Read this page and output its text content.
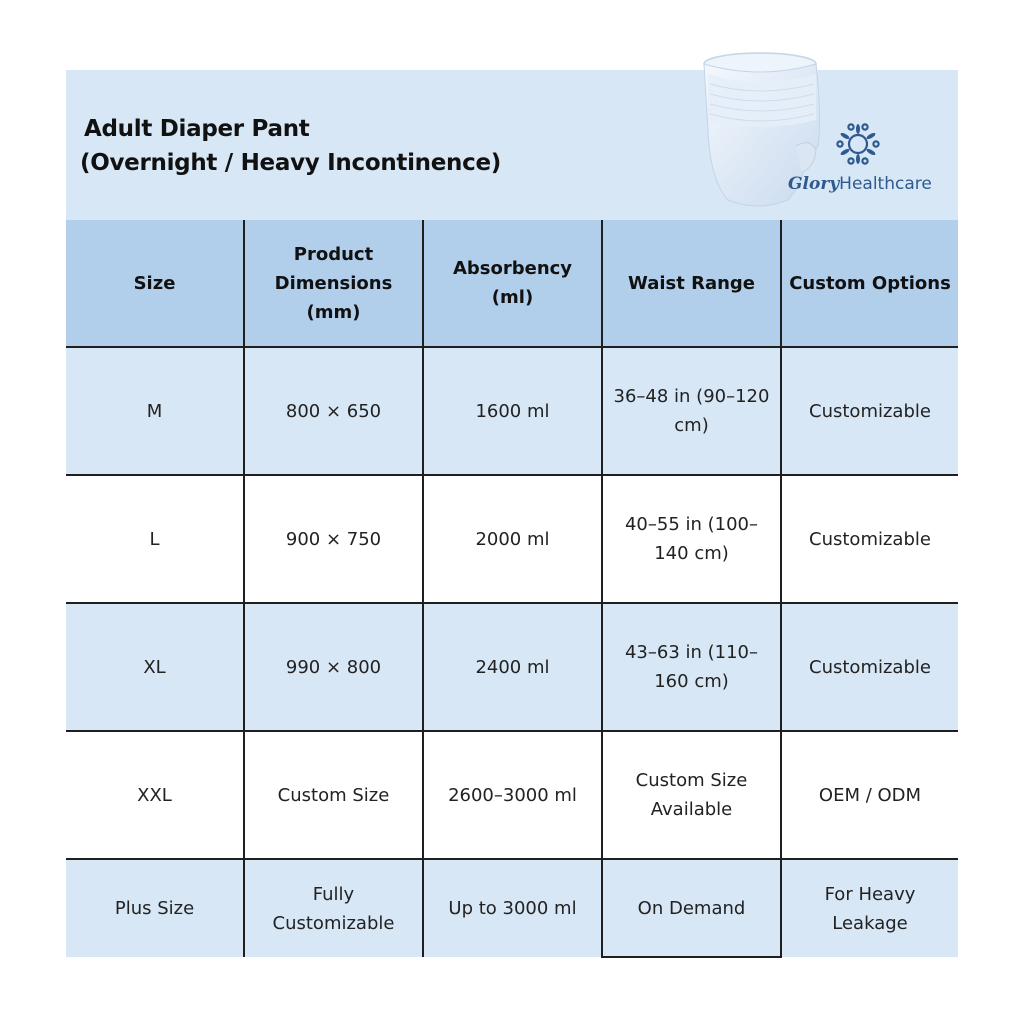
Adult Diaper Pant
(Overnight / Heavy Incontinence)
GloryHealthcare
Size	Product Dimensions (mm)	Absorbency (ml)	Waist Range	Custom Options
M	800 × 650	1600 ml	36–48 in (90–120 cm)	Customizable
L	900 × 750	2000 ml	40–55 in (100–140 cm)	Customizable
XL	990 × 800	2400 ml	43–63 in (110–160 cm)	Customizable
XXL	Custom Size	2600–3000 ml	Custom Size Available	OEM / ODM
Plus Size	Fully Customizable	Up to 3000 ml	On Demand	For Heavy Leakage
